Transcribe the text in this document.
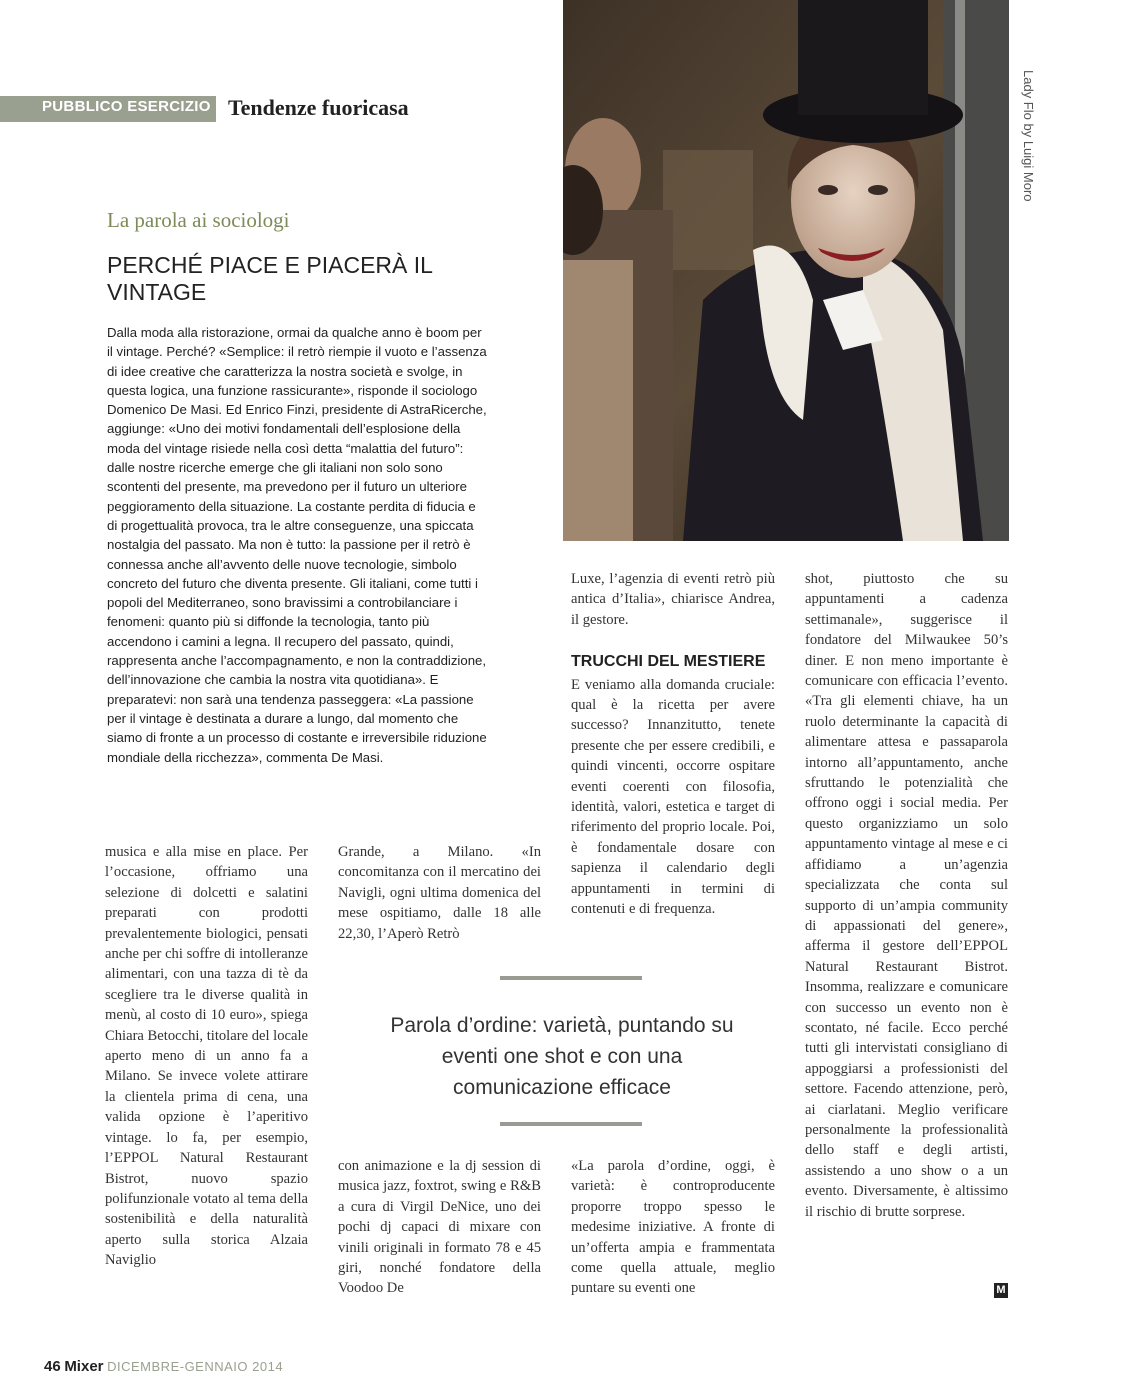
PUBBLICO ESERCIZIO Tendenze fuoricasa	Lady Flo by Luigi Moro
La parola ai sociologi
PERCHÉ PIACE E PIACERÀ IL VINTAGE

Dalla moda alla ristorazione, ormai da qualche anno è boom per il vintage. Perché? «Semplice: il retrò riempie il vuoto e l’assenza di idee creative che caratterizza la nostra società e svolge, in questa logica, una funzione rassicurante», risponde il sociologo Domenico De Masi. Ed Enrico Finzi, presidente di AstraRicerche, aggiunge: «Uno dei motivi fondamentali dell’esplosione della moda del vintage risiede nella così detta “malattia del futuro”: dalle nostre ricerche emerge che gli italiani non solo sono scontenti del presente, ma prevedono per il futuro un ulteriore peggioramento della situazione. La costante perdita di fiducia e di progettualità provoca, tra le altre conseguenze, una spiccata nostalgia del passato. Ma non è tutto: la passione per il retrò è connessa anche all’avvento delle nuove tecnologie, simbolo concreto del futuro che diventa presente. Gli italiani, come tutti i popoli del Mediterraneo, sono bravissimi a controbilanciare i fenomeni: quanto più si diffonde la tecnologia, tanto più accendono i camini a legna. Il recupero del passato, quindi, rappresenta anche l’accompagnamento, e non la contraddizione, dell’innovazione che cambia la nostra vita quotidiana». E preparatevi: non sarà una tendenza passeggera: «La passione per il vintage è destinata a durare a lungo, dal momento che siamo di fronte a un processo di costante e irreversibile riduzione mondiale della ricchezza», commenta De Masi.

musica e alla mise en place. Per l’occasione, offriamo una selezione di dolcetti e salatini preparati con prodotti prevalentemente biologici, pensati anche per chi soffre di intolleranze alimentari, con una tazza di tè da scegliere tra le diverse qualità in menù, al costo di 10 euro», spiega Chiara Betocchi, titolare del locale aperto meno di un anno fa a Milano. Se invece volete attirare la clientela prima di cena, una valida opzione è l’aperitivo vintage. lo fa, per esempio, l’EPPOL Natural Restaurant Bistrot, nuovo spazio polifunzionale votato al tema della sostenibilità e della naturalità aperto sulla storica Alzaia Naviglio

Grande, a Milano. «In concomitanza con il mercatino dei Navigli, ogni ultima domenica del mese ospitiamo, dalle 18 alle 22,30, l’Aperò Retrò

Luxe, l’agenzia di eventi retrò più antica d’Italia», chiarisce Andrea, il gestore.

TRUCCHI DEL MESTIERE

E veniamo alla domanda cruciale: qual è la ricetta per avere successo? Innanzitutto, tenete presente che per essere credibili, e quindi vincenti, occorre ospitare eventi coerenti con filosofia, identità, valori, estetica e target di riferimento del proprio locale. Poi, è fondamentale dosare con sapienza il calendario degli appuntamenti in termini di contenuti e di frequenza.

Parola d’ordine: varietà, puntando su eventi one shot e con una comunicazione efficace

con animazione e la dj session di musica jazz, foxtrot, swing e R&B a cura di Virgil DeNice, uno dei pochi dj capaci di mixare con vinili originali in formato 78 e 45 giri, nonché fondatore della Voodoo De

«La parola d’ordine, oggi, è varietà: è controproducente proporre troppo spesso le medesime iniziative. A fronte di un’offerta ampia e frammentata come quella attuale, meglio puntare su eventi one

shot, piuttosto che su appuntamenti a cadenza settimanale», suggerisce il fondatore del Milwaukee 50’s diner. E non meno importante è comunicare con efficacia l’evento. «Tra gli elementi chiave, ha un ruolo determinante la capacità di alimentare attesa e passaparola intorno all’appuntamento, anche sfruttando le potenzialità che offrono oggi i social media. Per questo organizziamo un solo appuntamento vintage al mese e ci affidiamo a un’agenzia specializzata che conta sul supporto di un’ampia community di appassionati del genere», afferma il gestore dell’EPPOL Natural Restaurant Bistrot. Insomma, realizzare e comunicare con successo un evento non è scontato, né facile. Ecco perché tutti gli intervistati consigliano di appoggiarsi a professionisti del settore. Facendo attenzione, però, ai ciarlatani. Meglio verificare personalmente la professionalità dello staff e degli artisti, assistendo a uno show o a un evento. Diversamente, è altissimo il rischio di brutte sorprese.

M
46 Mixer DICEMBRE-GENNAIO 2014
